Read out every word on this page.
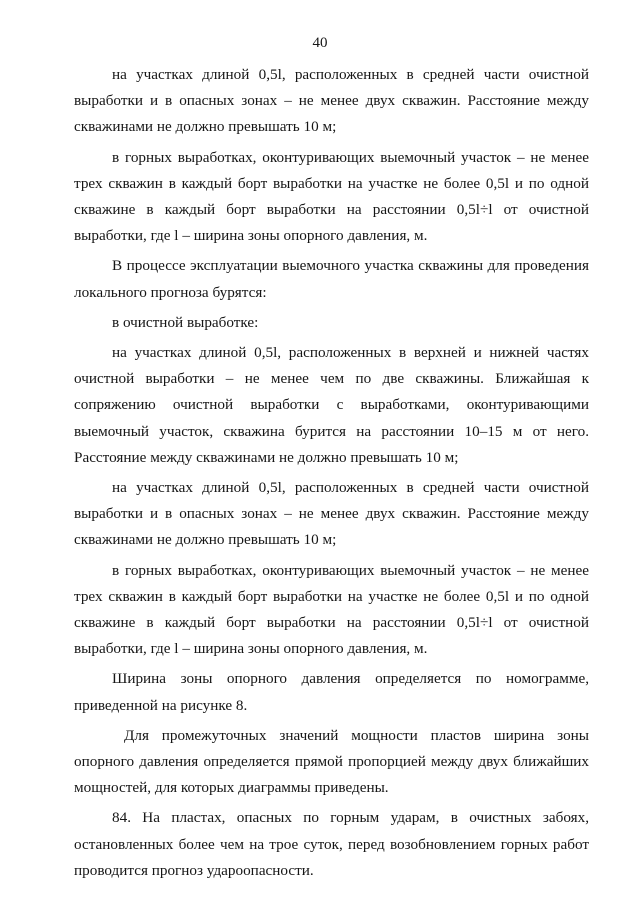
40

на участках длиной 0,5l, расположенных в средней части очистной выработки и в опасных зонах – не менее двух скважин. Расстояние между скважинами не должно превышать 10 м;

в горных выработках, оконтуривающих выемочный участок – не менее трех скважин в каждый борт выработки на участке не более 0,5l и по одной скважине в каждый борт выработки на расстоянии 0,5l÷l от очистной выработки, где l – ширина зоны опорного давления, м.

В процессе эксплуатации выемочного участка скважины для проведения локального прогноза бурятся:

в очистной выработке:

на участках длиной 0,5l, расположенных в верхней и нижней частях очистной выработки – не менее чем по две скважины. Ближайшая к сопряжению очистной выработки с выработками, оконтуривающими выемочный участок, скважина бурится на расстоянии 10–15 м от него. Расстояние между скважинами не должно превышать 10 м;

на участках длиной 0,5l, расположенных в средней части очистной выработки и в опасных зонах – не менее двух скважин. Расстояние между скважинами не должно превышать 10 м;

в горных выработках, оконтуривающих выемочный участок – не менее трех скважин в каждый борт выработки на участке не более 0,5l и по одной скважине в каждый борт выработки на расстоянии 0,5l÷l от очистной выработки, где l – ширина зоны опорного давления, м.

Ширина зоны опорного давления определяется по номограмме, приведенной на рисунке 8.

Для промежуточных значений мощности пластов ширина зоны опорного давления определяется прямой пропорцией между двух ближайших мощностей, для которых диаграммы приведены.

84. На пластах, опасных по горным ударам, в очистных забоях, остановленных более чем на трое суток, перед возобновлением горных работ проводится прогноз удароопасности.
